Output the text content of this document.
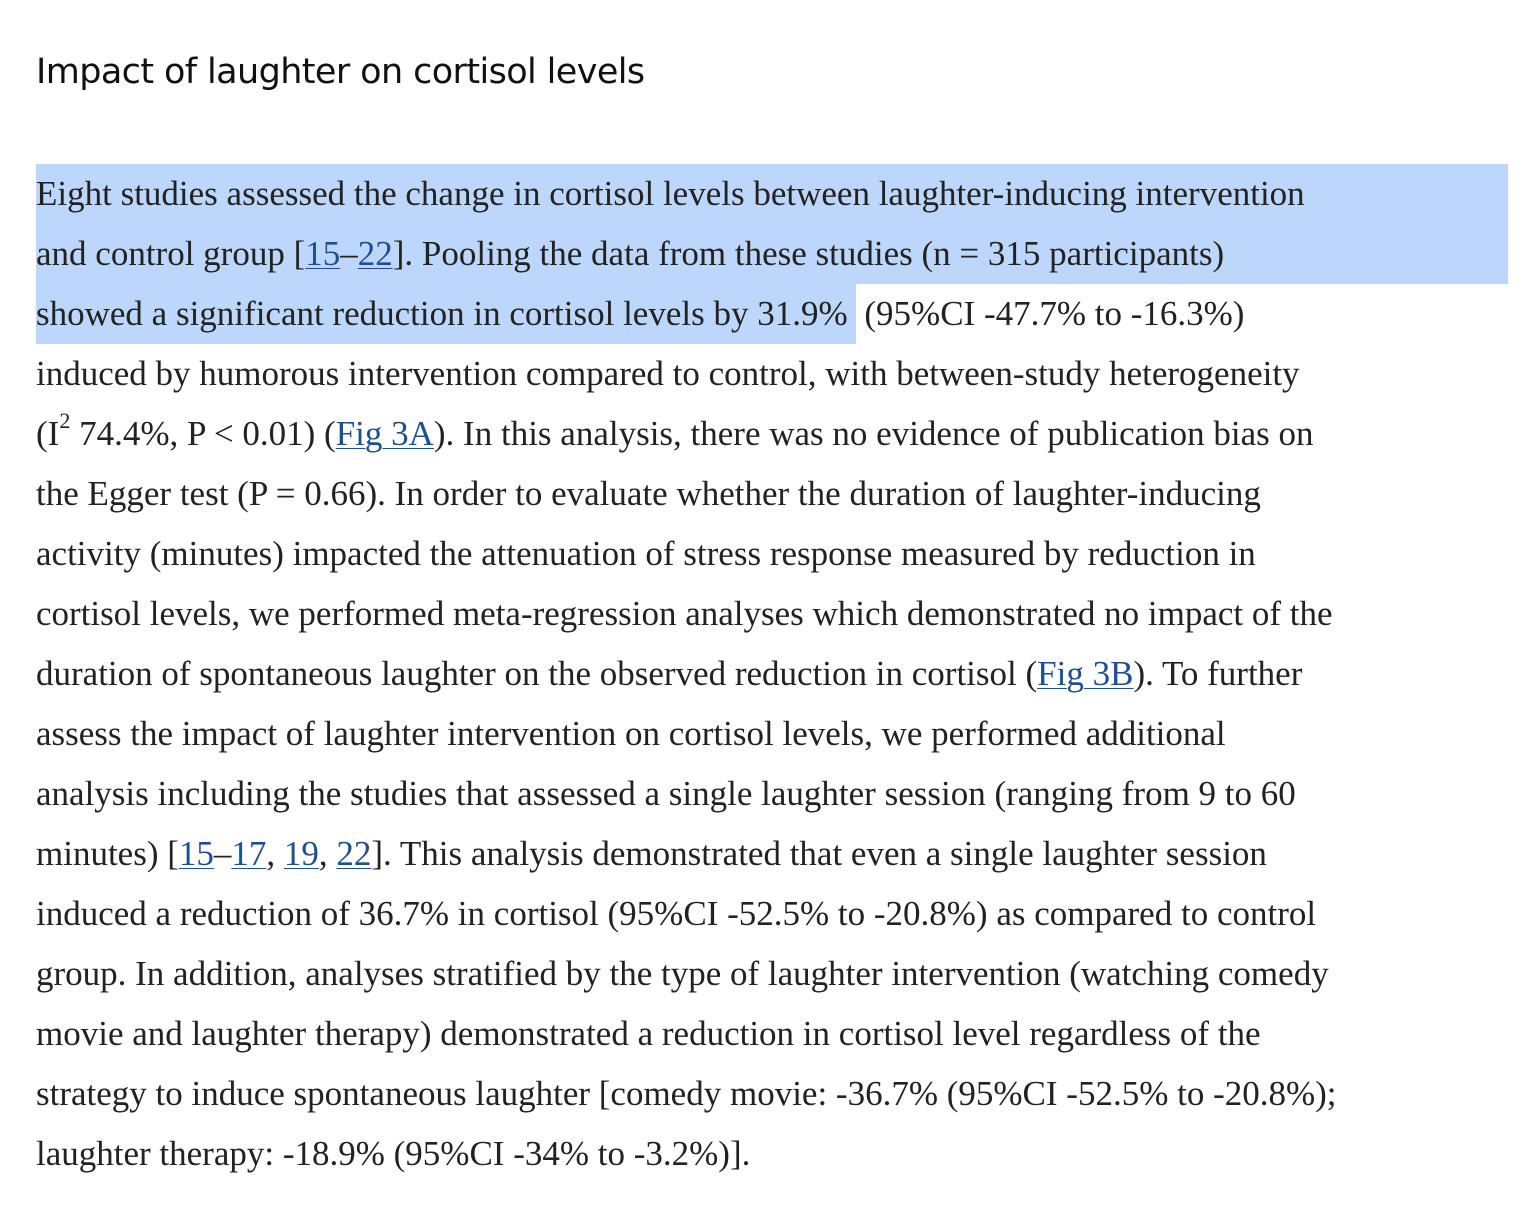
Impact of laughter on cortisol levels

Eight studies assessed the change in cortisol levels between laughter-inducing intervention
and control group [15–22]. Pooling the data from these studies (n = 315 participants)
showed a significant reduction in cortisol levels by 31.9% (95%CI -47.7% to -16.3%)
induced by humorous intervention compared to control, with between-study heterogeneity
($I^2$ 74.4%, P < 0.01) (Fig 3A). In this analysis, there was no evidence of publication bias on
the Egger test (P = 0.66). In order to evaluate whether the duration of laughter-inducing
activity (minutes) impacted the attenuation of stress response measured by reduction in
cortisol levels, we performed meta-regression analyses which demonstrated no impact of the
duration of spontaneous laughter on the observed reduction in cortisol (Fig 3B). To further
assess the impact of laughter intervention on cortisol levels, we performed additional
analysis including the studies that assessed a single laughter session (ranging from 9 to 60
minutes) [15–17, 19, 22]. This analysis demonstrated that even a single laughter session
induced a reduction of 36.7% in cortisol (95%CI -52.5% to -20.8%) as compared to control
group. In addition, analyses stratified by the type of laughter intervention (watching comedy
movie and laughter therapy) demonstrated a reduction in cortisol level regardless of the
strategy to induce spontaneous laughter [comedy movie: -36.7% (95%CI -52.5% to -20.8%);
laughter therapy: -18.9% (95%CI -34% to -3.2%)].
